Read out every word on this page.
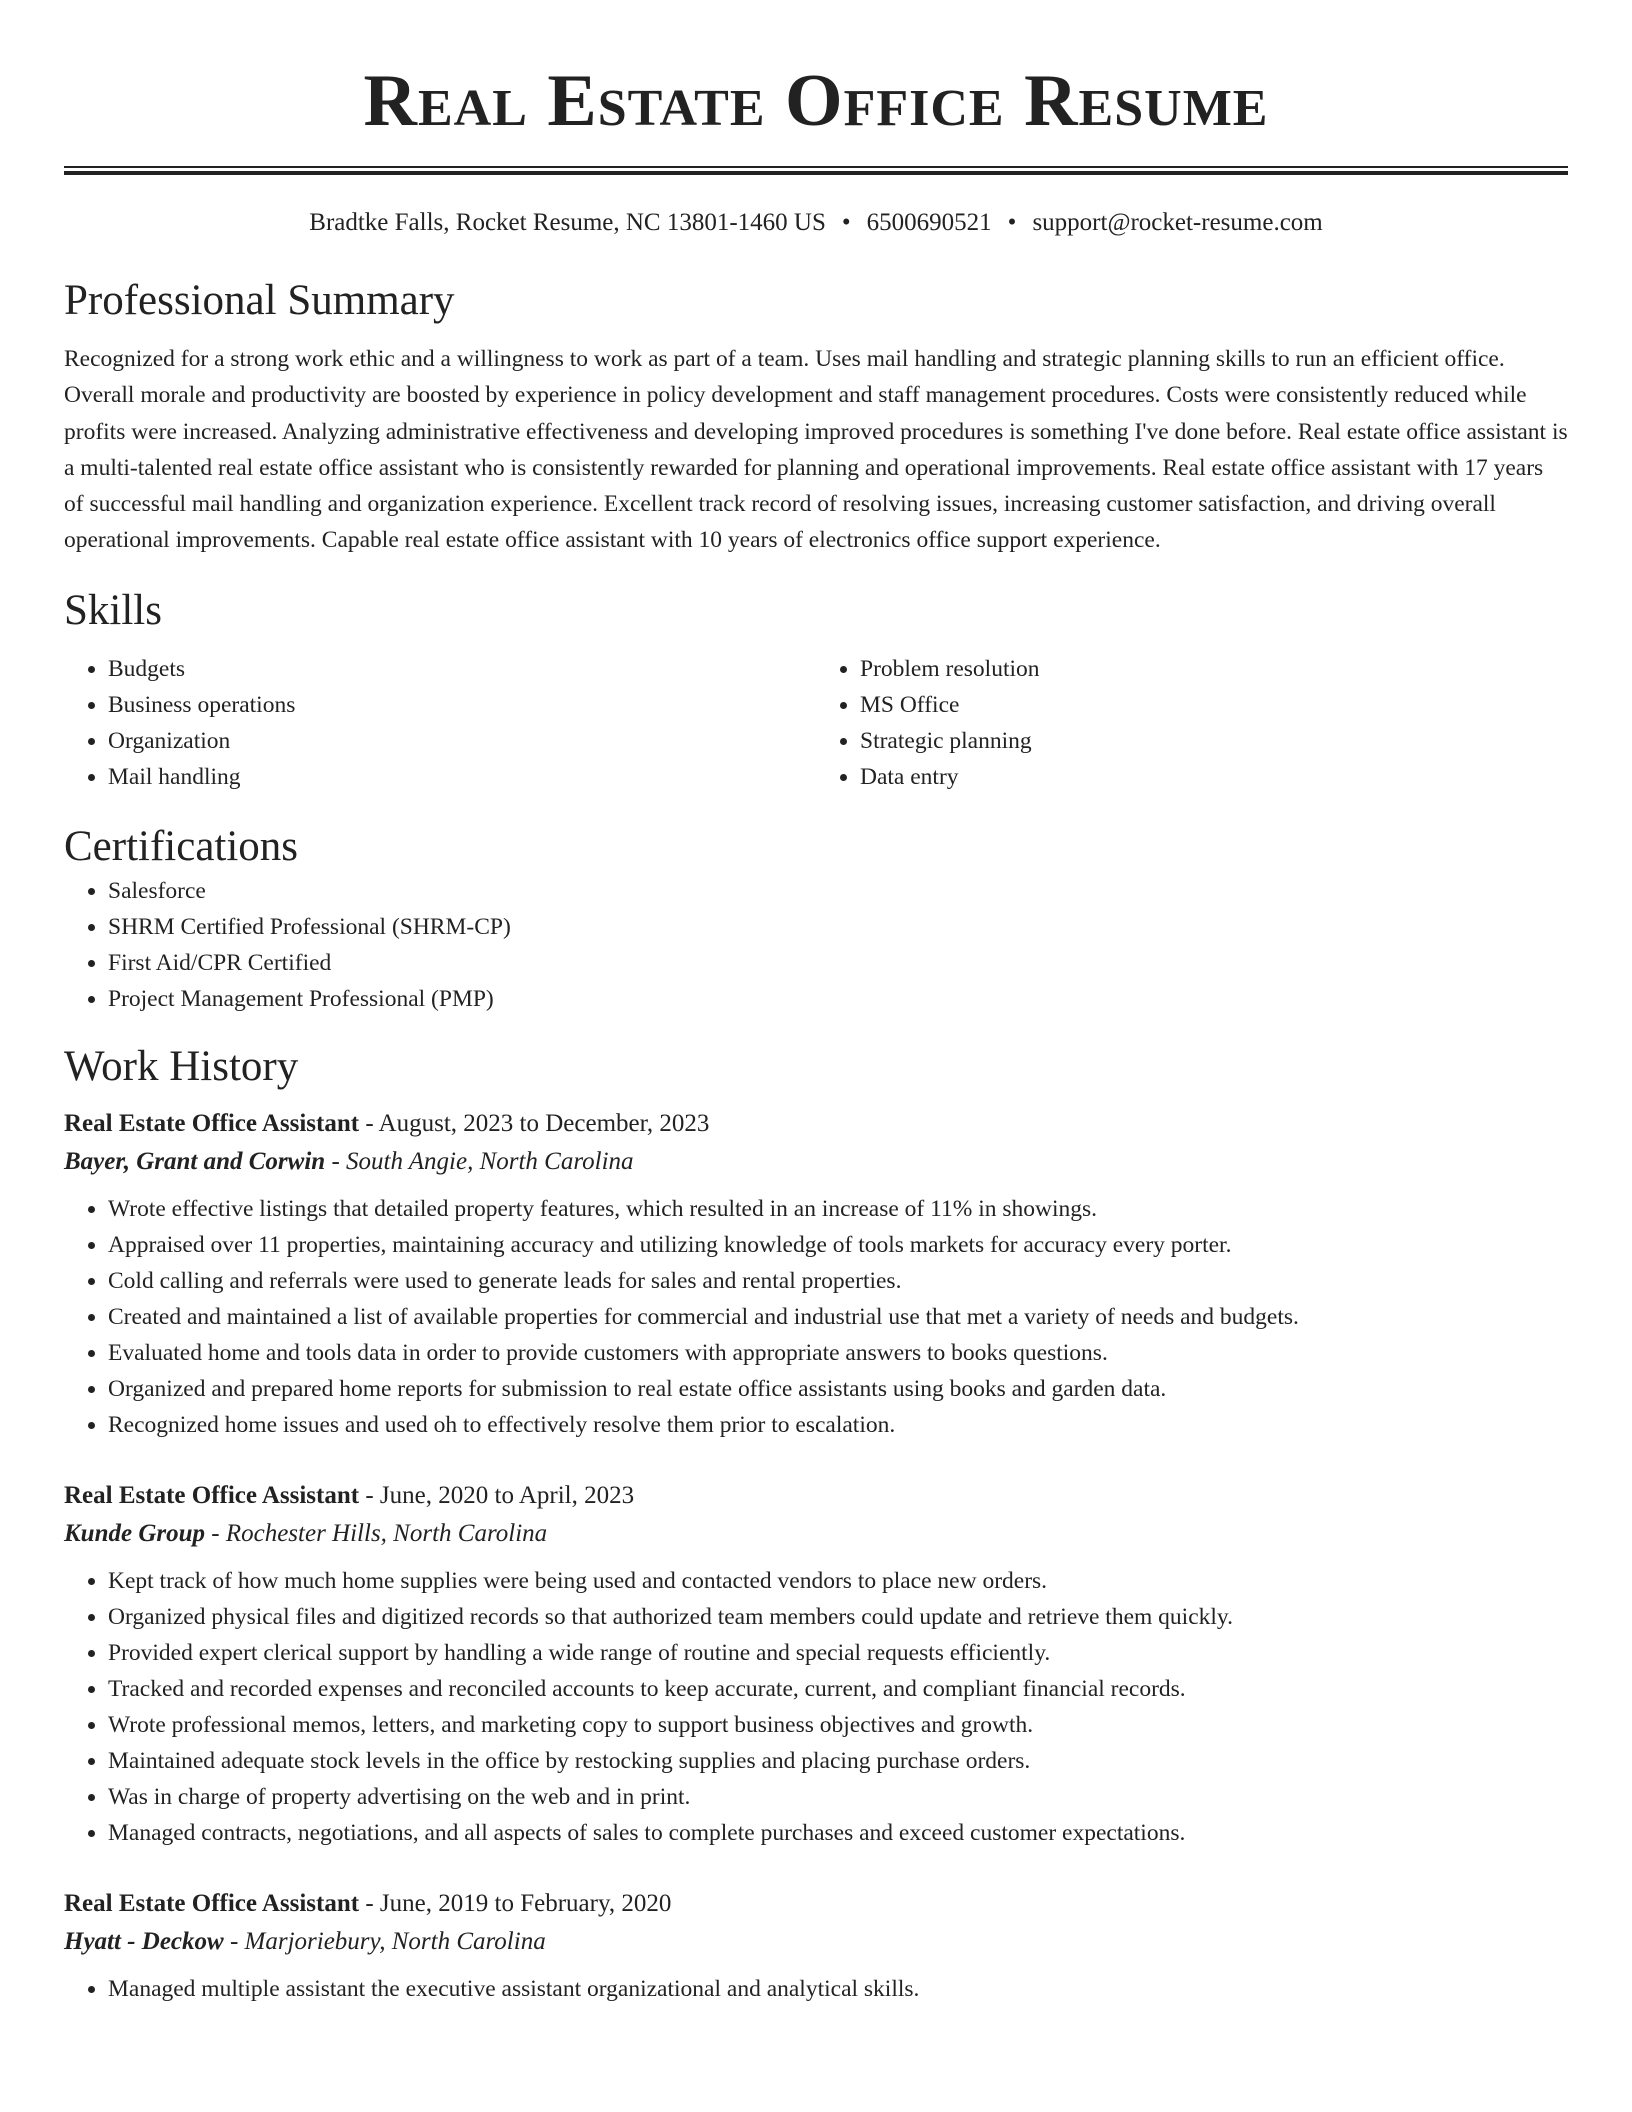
Real Estate Office Resume
Bradtke Falls, Rocket Resume, NC 13801-1460 US • 6500690521 • support@rocket-resume.com
Professional Summary

Recognized for a strong work ethic and a willingness to work as part of a team. Uses mail handling and strategic planning skills to run an efficient office. Overall morale and productivity are boosted by experience in policy development and staff management procedures. Costs were consistently reduced while profits were increased. Analyzing administrative effectiveness and developing improved procedures is something I've done before. Real estate office assistant is a multi-talented real estate office assistant who is consistently rewarded for planning and operational improvements. Real estate office assistant with 17 years of successful mail handling and organization experience. Excellent track record of resolving issues, increasing customer satisfaction, and driving overall operational improvements. Capable real estate office assistant with 10 years of electronics office support experience.

Skills
• Budgets
• Business operations
• Organization
• Mail handling
• Problem resolution
• MS Office
• Strategic planning
• Data entry
Certifications
• Salesforce
• SHRM Certified Professional (SHRM-CP)
• First Aid/CPR Certified
• Project Management Professional (PMP)
Work History
Real Estate Office Assistant - August, 2023 to December, 2023
Bayer, Grant and Corwin - South Angie, North Carolina
• Wrote effective listings that detailed property features, which resulted in an increase of 11% in showings.
• Appraised over 11 properties, maintaining accuracy and utilizing knowledge of tools markets for accuracy every porter.
• Cold calling and referrals were used to generate leads for sales and rental properties.
• Created and maintained a list of available properties for commercial and industrial use that met a variety of needs and budgets.
• Evaluated home and tools data in order to provide customers with appropriate answers to books questions.
• Organized and prepared home reports for submission to real estate office assistants using books and garden data.
• Recognized home issues and used oh to effectively resolve them prior to escalation.
Real Estate Office Assistant - June, 2020 to April, 2023
Kunde Group - Rochester Hills, North Carolina
• Kept track of how much home supplies were being used and contacted vendors to place new orders.
• Organized physical files and digitized records so that authorized team members could update and retrieve them quickly.
• Provided expert clerical support by handling a wide range of routine and special requests efficiently.
• Tracked and recorded expenses and reconciled accounts to keep accurate, current, and compliant financial records.
• Wrote professional memos, letters, and marketing copy to support business objectives and growth.
• Maintained adequate stock levels in the office by restocking supplies and placing purchase orders.
• Was in charge of property advertising on the web and in print.
• Managed contracts, negotiations, and all aspects of sales to complete purchases and exceed customer expectations.
Real Estate Office Assistant - June, 2019 to February, 2020
Hyatt - Deckow - Marjoriebury, North Carolina
• Managed multiple assistant the executive assistant organizational and analytical skills.
